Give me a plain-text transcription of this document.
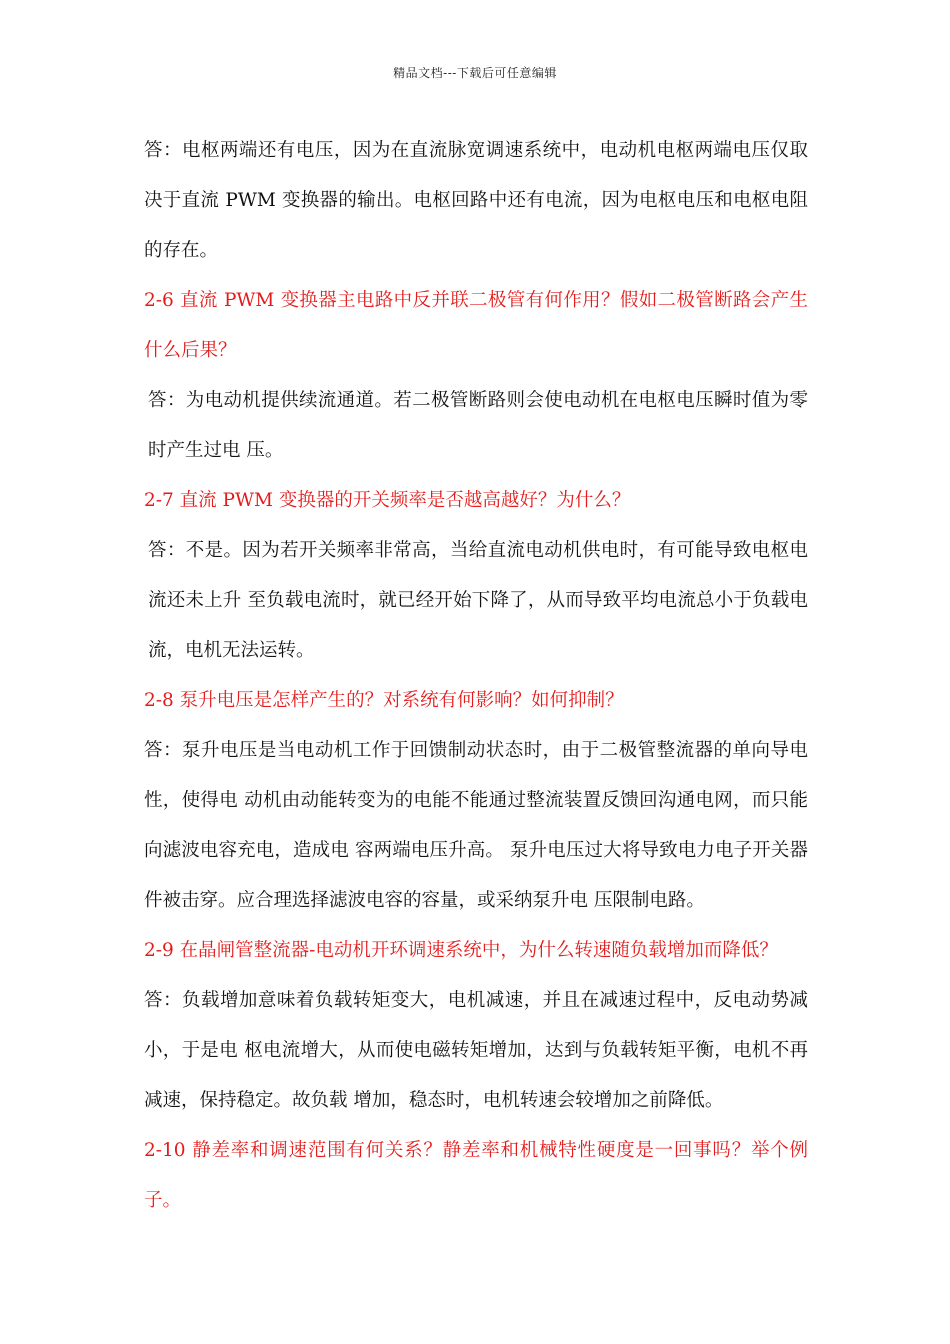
精品文档---下载后可任意编辑

答：电枢两端还有电压，因为在直流脉宽调速系统中，电动机电枢两端电压仅取决于直流 PWM 变换器的输出。电枢回路中还有电流，因为电枢电压和电枢电阻的存在。

2-6 直流 PWM 变换器主电路中反并联二极管有何作用？假如二极管断路会产生什么后果？

答：为电动机提供续流通道。若二极管断路则会使电动机在电枢电压瞬时值为零时产生过电 压。

2-7 直流 PWM 变换器的开关频率是否越高越好？为什么？

答：不是。因为若开关频率非常高，当给直流电动机供电时，有可能导致电枢电流还未上升 至负载电流时，就已经开始下降了，从而导致平均电流总小于负载电流，电机无法运转。

2-8 泵升电压是怎样产生的？对系统有何影响？如何抑制？

答：泵升电压是当电动机工作于回馈制动状态时，由于二极管整流器的单向导电性，使得电 动机由动能转变为的电能不能通过整流装置反馈回沟通电网，而只能向滤波电容充电，造成电 容两端电压升高。 泵升电压过大将导致电力电子开关器件被击穿。应合理选择滤波电容的容量，或采纳泵升电 压限制电路。

2-9 在晶闸管整流器-电动机开环调速系统中，为什么转速随负载增加而降低？

答：负载增加意味着负载转矩变大，电机减速，并且在减速过程中，反电动势减小，于是电 枢电流增大，从而使电磁转矩增加，达到与负载转矩平衡，电机不再减速，保持稳定。故负载 增加，稳态时，电机转速会较增加之前降低。

2-10 静差率和调速范围有何关系？静差率和机械特性硬度是一回事吗？举个例子。
